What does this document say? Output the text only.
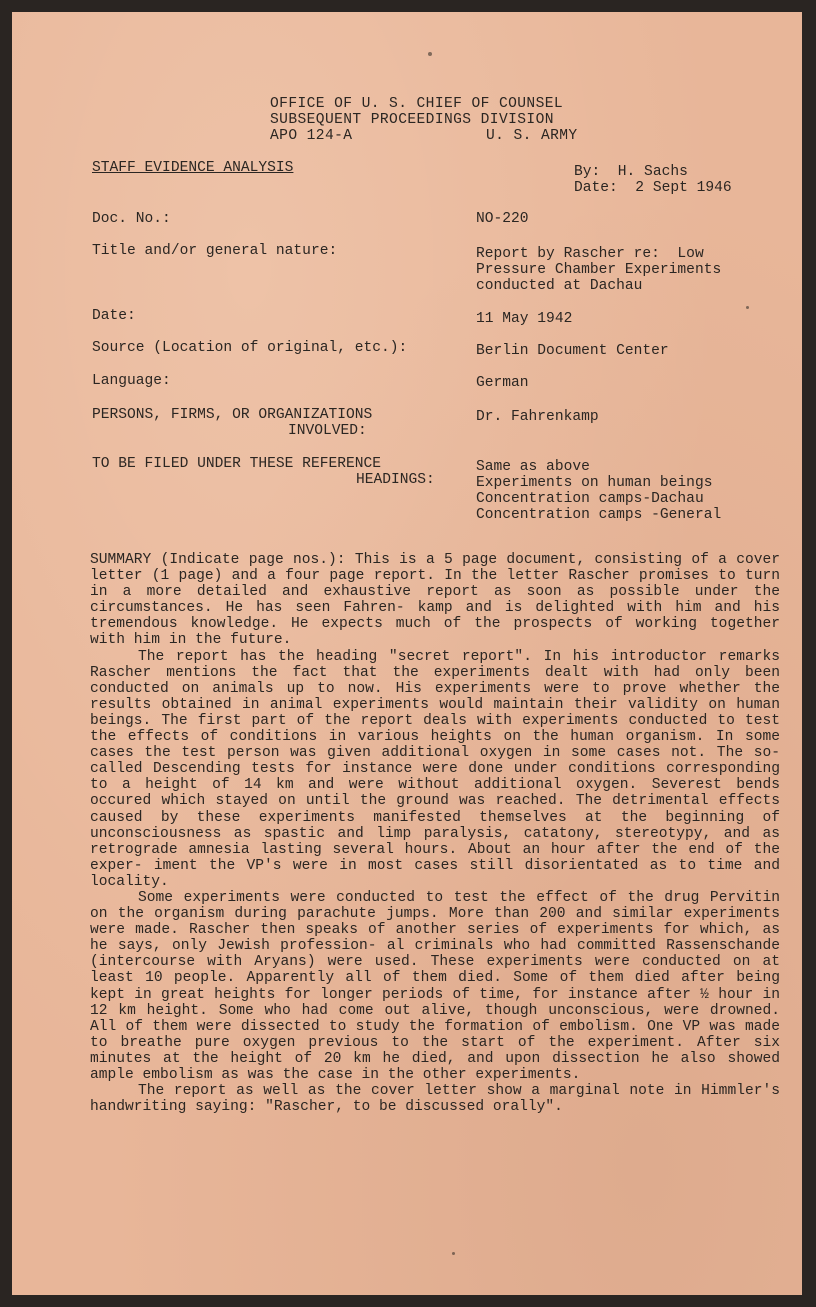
OFFICE OF U. S. CHIEF OF COUNSEL
SUBSEQUENT PROCEEDINGS DIVISION
APO 124-A	U. S. ARMY
STAFF EVIDENCE ANALYSIS	By:  H. Sachs
Date:  2 Sept 1946
Doc. No.:	NO-220
Title and/or general nature:	Report by Rascher re:  Low
Pressure Chamber Experiments
conducted at Dachau
Date:	11 May 1942
Source (Location of original, etc.):	Berlin Document Center
Language:	German
PERSONS, FIRMS, OR ORGANIZATIONS
INVOLVED:
Dr. Fahrenkamp
TO BE FILED UNDER THESE REFERENCE
HEADINGS:
Same as above
Experiments on human beings
Concentration camps-Dachau
Concentration camps -General

SUMMARY (Indicate page nos.): This is a 5 page document, consisting of a cover letter (1 page) and a four page report. In the letter Rascher promises to turn in a more detailed and exhaustive report as soon as possible under the circumstances. He has seen Fahren- kamp and is delighted with him and his tremendous knowledge. He expects much of the prospects of working together with him in the future.

The report has the heading "secret report". In his introductor remarks Rascher mentions the fact that the experiments dealt with had only been conducted on animals up to now. His experiments were to prove whether the results obtained in animal experiments would maintain their validity on human beings. The first part of the report deals with experiments conducted to test the effects of conditions in various heights on the human organism. In some cases the test person was given additional oxygen in some cases not. The so-called Descending tests for instance were done under conditions corresponding to a height of 14 km and were without additional oxygen. Severest bends occured which stayed on until the ground was reached. The detrimental effects caused by these experiments manifested themselves at the beginning of unconsciousness as spastic and limp paralysis, catatony, stereotypy, and as retrograde amnesia lasting several hours. About an hour after the end of the exper- iment the VP's were in most cases still disorientated as to time and locality.

Some experiments were conducted to test the effect of the drug Pervitin on the organism during parachute jumps. More than 200 and similar experiments were made. Rascher then speaks of another series of experiments for which, as he says, only Jewish profession- al criminals who had committed Rassenschande (intercourse with Aryans) were used. These experiments were conducted on at least 10 people. Apparently all of them died. Some of them died after being kept in great heights for longer periods of time, for instance after ½ hour in 12 km height. Some who had come out alive, though unconscious, were drowned. All of them were dissected to study the formation of embolism. One VP was made to breathe pure oxygen previous to the start of the experiment. After six minutes at the height of 20 km he died, and upon dissection he also showed ample embolism as was the case in the other experiments.

The report as well as the cover letter show a marginal note in Himmler's handwriting saying: "Rascher, to be discussed orally".
